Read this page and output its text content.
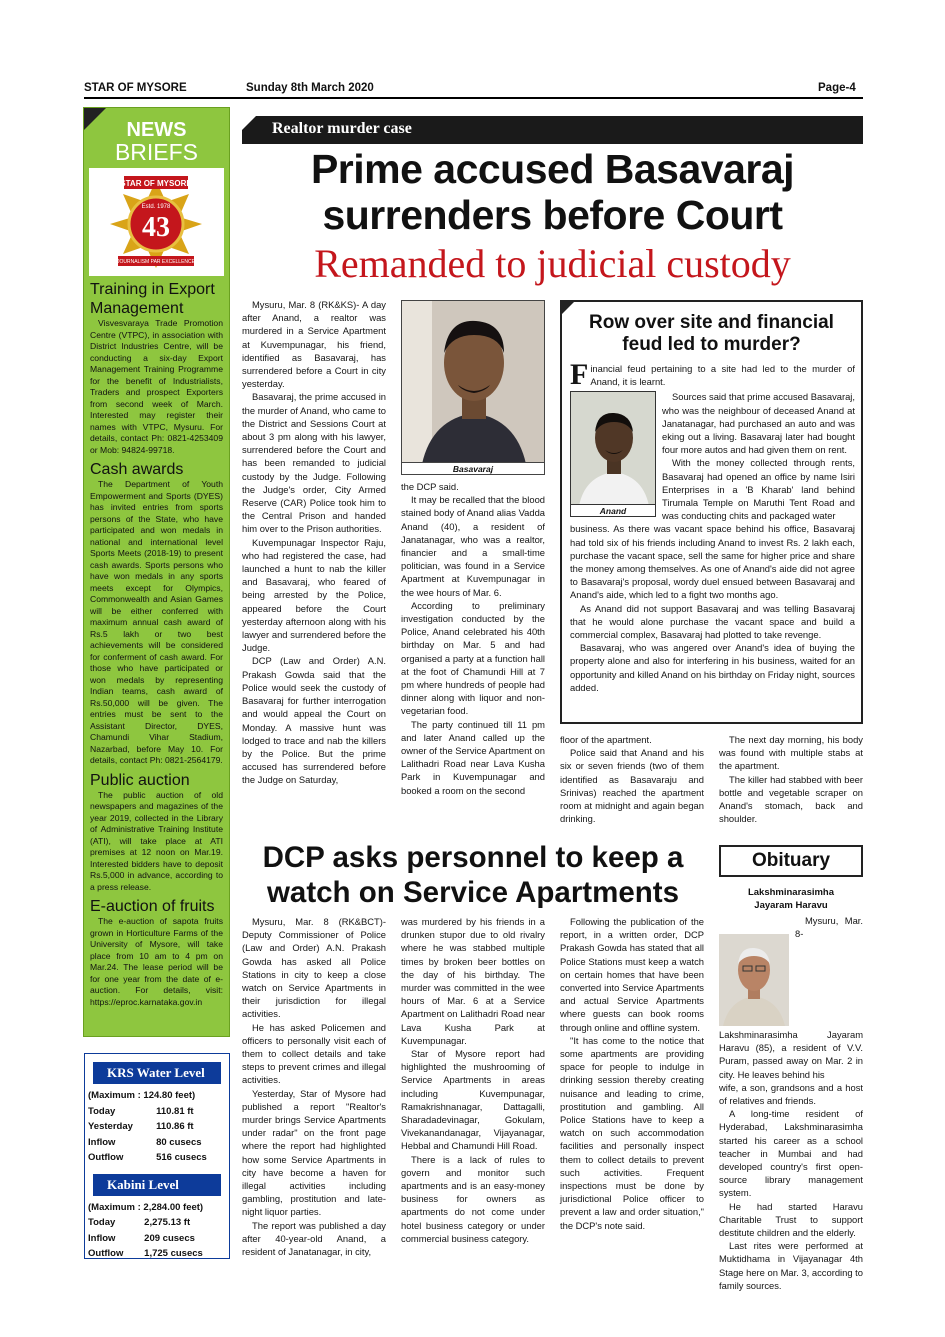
STAR OF MYSORE	Sunday 8th March 2020	Page-4
NEWS
BRIEFS
STAR OF MYSORE
Estd. 1978
43
JOURNALISM PAR EXCELLENCE
Training in Export Management

Visvesvaraya Trade Promotion Centre (VTPC), in association with District Industries Centre, will be conducting a six-day Export Management Training Programme for the benefit of Industrialists, Traders and prospect Exporters from second week of March. Interested may register their names with VTPC, Mysuru. For details, contact Ph: 0821-4253409 or Mob: 94824-99718.

Cash awards

The Department of Youth Empowerment and Sports (DYES) has invited entries from sports persons of the State, who have participated and won medals in national and international level Sports Meets (2018-19) to present cash awards. Sports persons who have won medals in any sports meets except for Olympics, Commonwealth and Asian Games will be either conferred with maximum annual cash award of Rs.5 lakh or two best achievements will be considered for conferment of cash award. For those who have participated or won medals by representing Indian teams, cash award of Rs.50,000 will be given. The entries must be sent to the Assistant Director, DYES, Chamundi Vihar Stadium, Nazarbad, before May 10. For details, contact Ph: 0821-2564179.

Public auction

The public auction of old newspapers and magazines of the year 2019, collected in the Library of Administrative Training Institute (ATI), will take place at ATI premises at 12 noon on Mar.19. Interested bidders have to deposit Rs.5,000 in advance, according to a press release.

E-auction of fruits

The e-auction of sapota fruits grown in Horticulture Farms of the University of Mysore, will take place from 10 am to 4 pm on Mar.24. The lease period will be for one year from the date of e-auction. For details, visit: https://eproc.karnataka.gov.in

KRS Water Level
(Maximum : 124.80 feet)	
Today	110.81 ft
Yesterday	110.86 ft
Inflow	80 cusecs
Outflow	516 cusecs
Kabini Level
(Maximum : 2,284.00 feet)	
Today	2,275.13 ft
Inflow	209 cusecs
Outflow	1,725 cusecs
Realtor murder case
Prime accused Basavaraj
surrenders before Court
Remanded to judicial custody

Mysuru, Mar. 8 (RK&KS)- A day after Anand, a realtor was murdered in a Service Apartment at Kuvempunagar, his friend, identified as Basavaraj, has surrendered before a Court in city yesterday.

Basavaraj, the prime accused in the murder of Anand, who came to the District and Sessions Court at about 3 pm along with his lawyer, surrendered before the Court and has been remanded to judicial custody by the Judge. Following the Judge's order, City Armed Reserve (CAR) Police took him to the Central Prison and handed him over to the Prison authorities.

Kuvempunagar Inspector Raju, who had registered the case, had launched a hunt to nab the killer and Basavaraj, who feared of being arrested by the Police, appeared before the Court yesterday afternoon along with his lawyer and surrendered before the Judge.

DCP (Law and Order) A.N. Prakash Gowda said that the Police would seek the custody of Basavaraj for further interrogation and would appeal the Court on Monday. A massive hunt was lodged to trace and nab the killers by the Police. But the prime accused has surrendered before the Judge on Saturday,

Basavaraj

the DCP said.

It may be recalled that the blood stained body of Anand alias Vadda Anand (40), a resident of Janatanagar, who was a realtor, financier and a small-time politician, was found in a Service Apartment at Kuvempunagar in the wee hours of Mar. 6.

According to preliminary investigation conducted by the Police, Anand celebrated his 40th birthday on Mar. 5 and had organised a party at a function hall at the foot of Chamundi Hill at 7 pm where hundreds of people had dinner along with liquor and non-vegetarian food.

The party continued till 11 pm and later Anand called up the owner of the Service Apartment on Lalithadri Road near Lava Kusha Park in Kuvempunagar and booked a room on the second

Row over site and financial
feud led to murder?
Financial feud pertaining to a site had led to the murder of Anand, it is learnt.
Anand

Sources said that prime accused Basavaraj, who was the neighbour of deceased Anand at Janatanagar, had purchased an auto and was eking out a living. Basavaraj later had bought four more autos and had given them on rent.

With the money collected through rents, Basavaraj had opened an office by name Isiri Enterprises in a 'B Kharab' land behind Tirumala Temple on Maruthi Tent Road and was conducting chits and packaged water

business. As there was vacant space behind his office, Basavaraj had told six of his friends including Anand to invest Rs. 2 lakh each, purchase the vacant space, sell the same for higher price and share the money among themselves. As one of Anand's aide did not agree to Basavaraj's proposal, wordy duel ensued between Basavaraj and Anand's aide, which led to a fight two months ago.

As Anand did not support Basavaraj and was telling Basavaraj that he would alone purchase the vacant space and build a commercial complex, Basavaraj had plotted to take revenge.

Basavaraj, who was angered over Anand's idea of buying the property alone and also for interfering in his business, waited for an opportunity and killed Anand on his birthday on Friday night, sources added.

floor of the apartment.

Police said that Anand and his six or seven friends (two of them identified as Basavaraju and Srinivas) reached the apartment room at midnight and again began drinking.

The next day morning, his body was found with multiple stabs at the apartment.

The killer had stabbed with beer bottle and vegetable scraper on Anand's stomach, back and shoulder.

DCP asks personnel to keep a
watch on Service Apartments

Mysuru, Mar. 8 (RK&BCT)- Deputy Commissioner of Police (Law and Order) A.N. Prakash Gowda has asked all Police Stations in city to keep a close watch on Service Apartments in their jurisdiction for illegal activities.

He has asked Policemen and officers to personally visit each of them to collect details and take steps to prevent crimes and illegal activities.

Yesterday, Star of Mysore had published a report "Realtor's murder brings Service Apartments under radar" on the front page where the report had highlighted how some Service Apartments in city have become a haven for illegal activities including gambling, prostitution and late-night liquor parties.

The report was published a day after 40-year-old Anand, a resident of Janatanagar, in city,

was murdered by his friends in a drunken stupor due to old rivalry where he was stabbed multiple times by broken beer bottles on the day of his birthday. The murder was committed in the wee hours of Mar. 6 at a Service Apartment on Lalithadri Road near Lava Kusha Park at Kuvempunagar.

Star of Mysore report had highlighted the mushrooming of Service Apartments in areas including Kuvempunagar, Ramakrishnanagar, Dattagalli, Sharadadevinagar, Gokulam, Vivekanandanagar, Vijayanagar, Hebbal and Chamundi Hill Road.

There is a lack of rules to govern and monitor such apartments and is an easy-money business for owners as apartments do not come under hotel business category or under commercial business category.

Following the publication of the report, in a written order, DCP Prakash Gowda has stated that all Police Stations must keep a watch on certain homes that have been converted into Service Apartments and actual Service Apartments where guests can book rooms through online and offline system.

"It has come to the notice that some apartments are providing space for people to indulge in drinking session thereby creating nuisance and leading to crime, prostitution and gambling. All Police Stations have to keep a watch on such accommodation facilities and personally inspect them to collect details to prevent such activities. Frequent inspections must be done by jurisdictional Police officer to prevent a law and order situation," the DCP's note said.

Obituary
Lakshminarasimha
Jayaram Haravu

Mysuru, Mar. 8- Lakshminarasimha Jayaram Haravu (85), a resident of V.V. Puram, passed away on Mar. 2 in city. He leaves behind his

wife, a son, grandsons and a host of relatives and friends.

A long-time resident of Hyderabad, Lakshminarasimha started his career as a school teacher in Mumbai and had developed country's first open-source library management system.

He had started Haravu Charitable Trust to support destitute children and the elderly.

Last rites were performed at Muktidhama in Vijayanagar 4th Stage here on Mar. 3, according to family sources.
